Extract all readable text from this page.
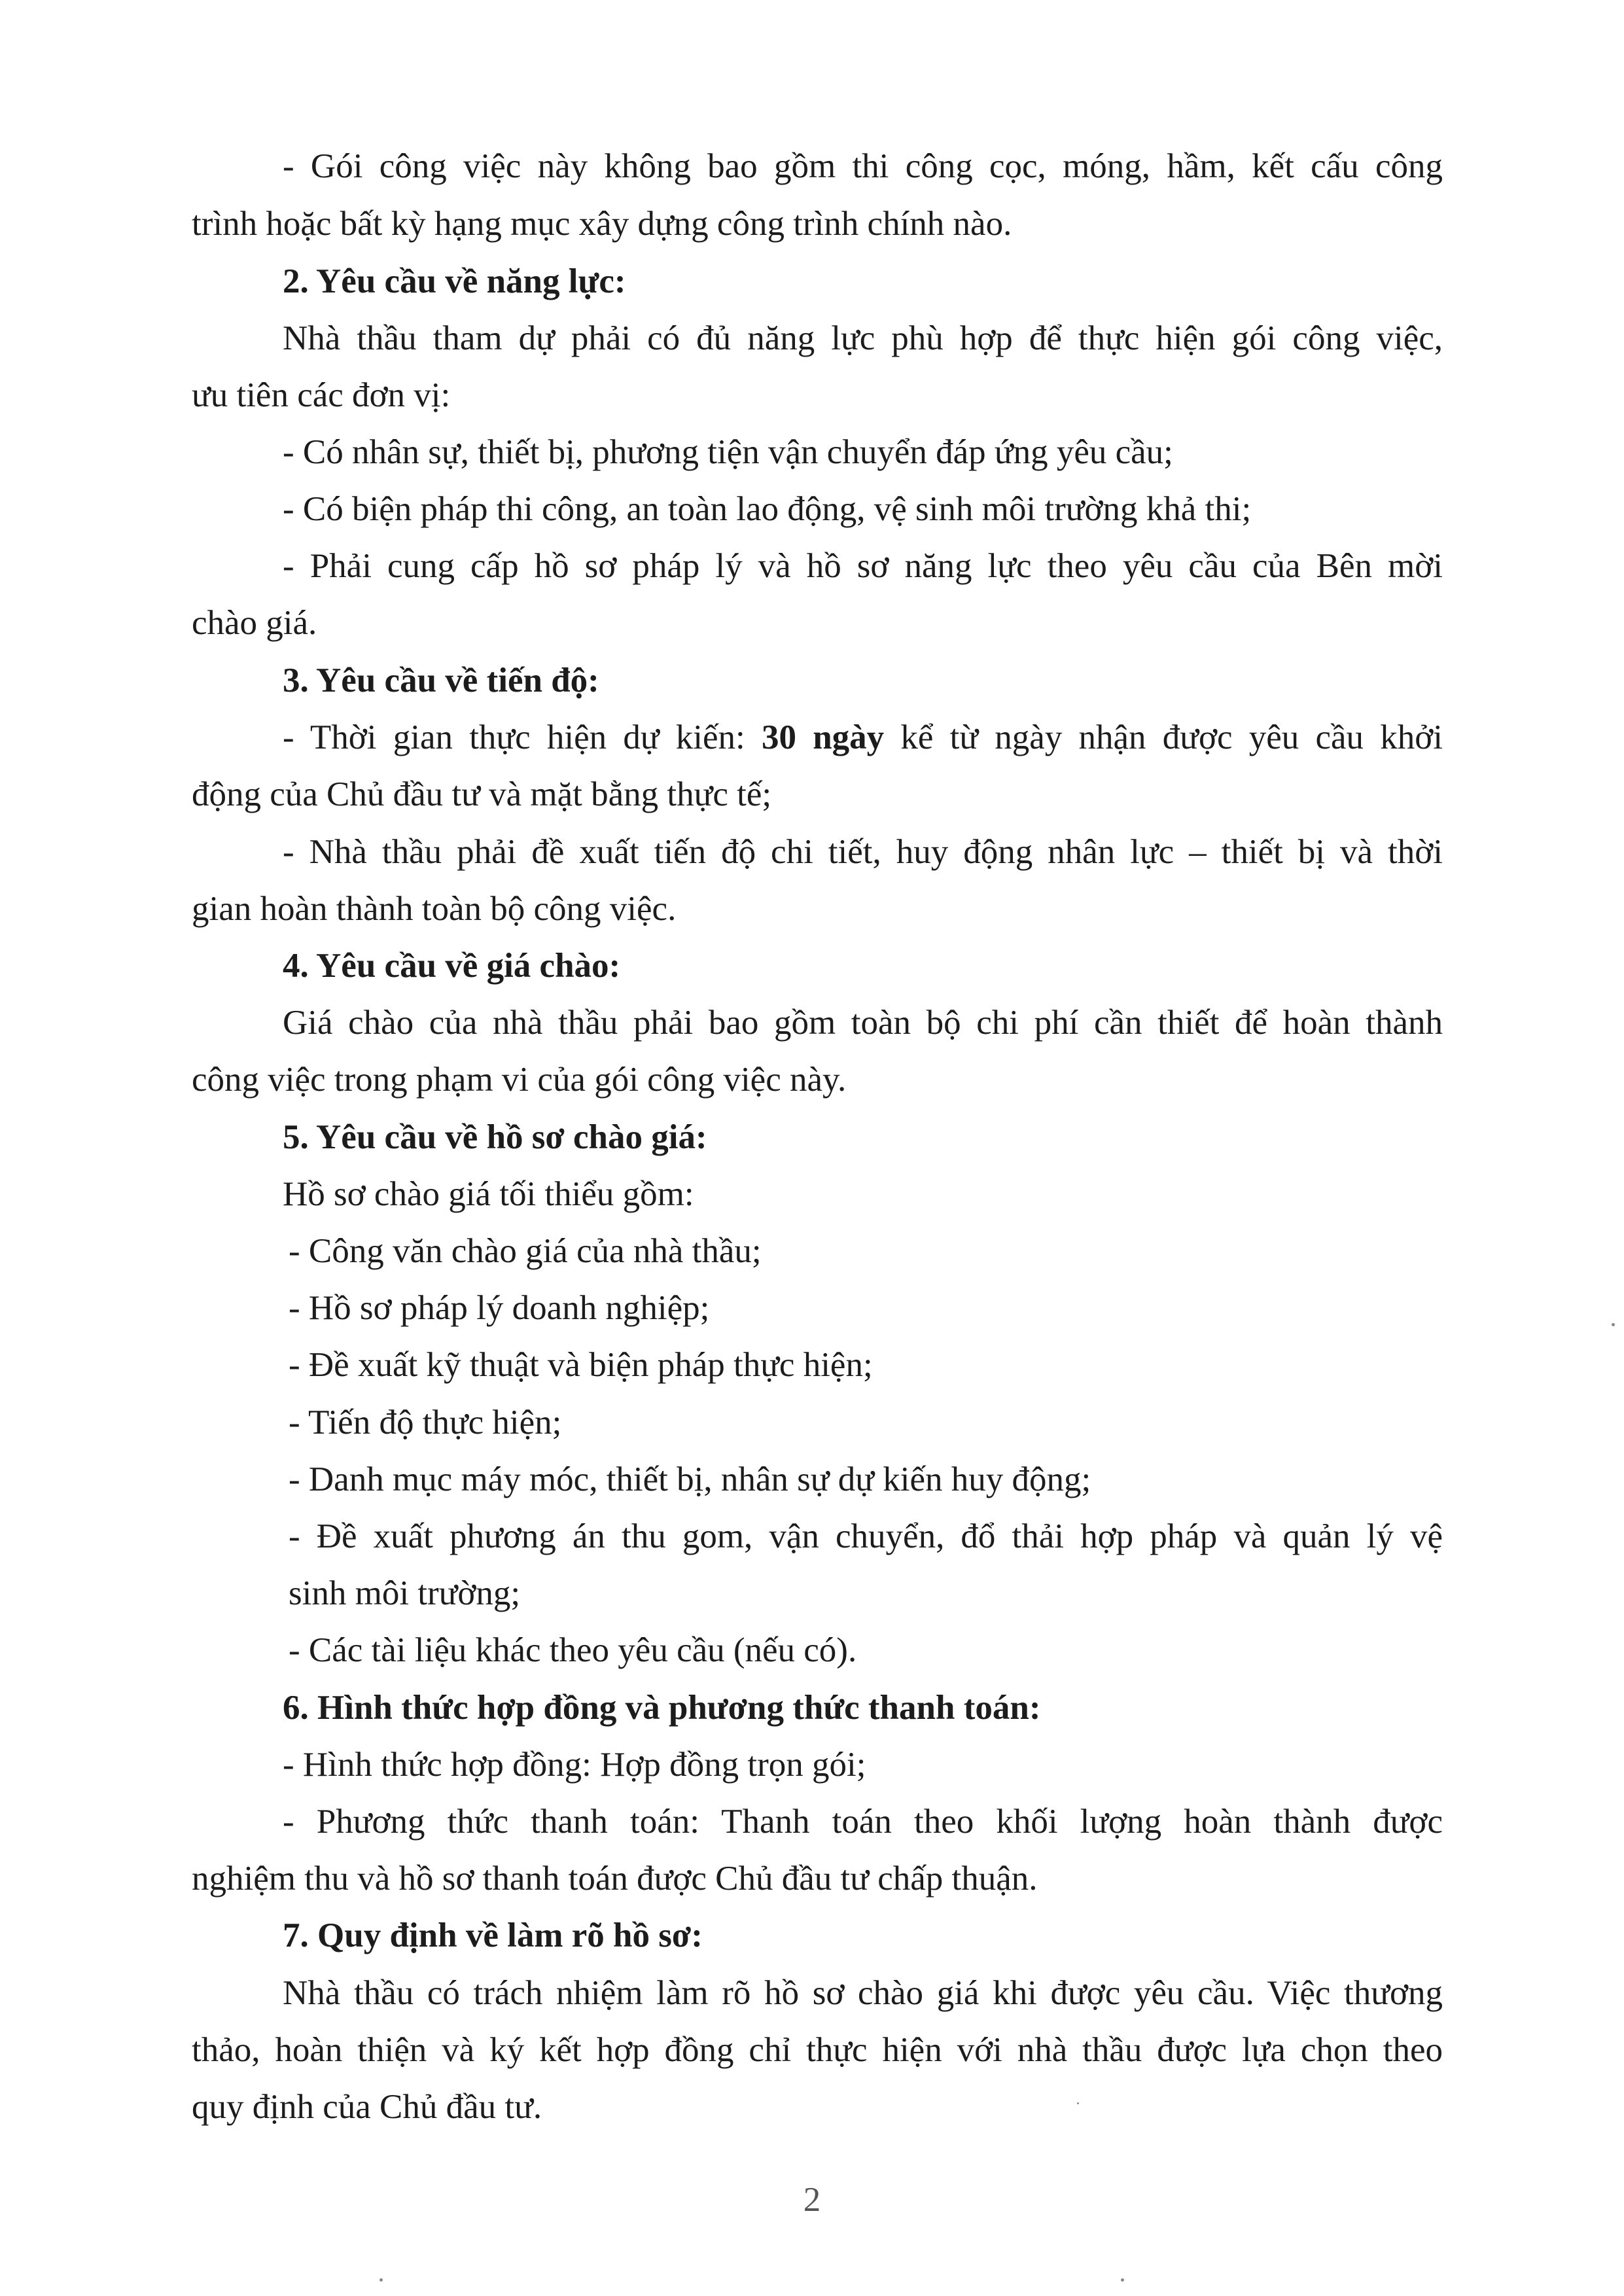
- Gói công việc này không bao gồm thi công cọc, móng, hầm, kết cấu công
trình hoặc bất kỳ hạng mục xây dựng công trình chính nào.
2. Yêu cầu về năng lực:
Nhà thầu tham dự phải có đủ năng lực phù hợp để thực hiện gói công việc,
ưu tiên các đơn vị:
- Có nhân sự, thiết bị, phương tiện vận chuyển đáp ứng yêu cầu;
- Có biện pháp thi công, an toàn lao động, vệ sinh môi trường khả thi;
- Phải cung cấp hồ sơ pháp lý và hồ sơ năng lực theo yêu cầu của Bên mời
chào giá.
3. Yêu cầu về tiến độ:
- Thời gian thực hiện dự kiến: 30 ngày kể từ ngày nhận được yêu cầu khởi
động của Chủ đầu tư và mặt bằng thực tế;
- Nhà thầu phải đề xuất tiến độ chi tiết, huy động nhân lực – thiết bị và thời
gian hoàn thành toàn bộ công việc.
4. Yêu cầu về giá chào:
Giá chào của nhà thầu phải bao gồm toàn bộ chi phí cần thiết để hoàn thành
công việc trong phạm vi của gói công việc này.
5. Yêu cầu về hồ sơ chào giá:
Hồ sơ chào giá tối thiểu gồm:
- Công văn chào giá của nhà thầu;
- Hồ sơ pháp lý doanh nghiệp;
- Đề xuất kỹ thuật và biện pháp thực hiện;
- Tiến độ thực hiện;
- Danh mục máy móc, thiết bị, nhân sự dự kiến huy động;
- Đề xuất phương án thu gom, vận chuyển, đổ thải hợp pháp và quản lý vệ
sinh môi trường;
- Các tài liệu khác theo yêu cầu (nếu có).
6. Hình thức hợp đồng và phương thức thanh toán:
- Hình thức hợp đồng: Hợp đồng trọn gói;
- Phương thức thanh toán: Thanh toán theo khối lượng hoàn thành được
nghiệm thu và hồ sơ thanh toán được Chủ đầu tư chấp thuận.
7. Quy định về làm rõ hồ sơ:
Nhà thầu có trách nhiệm làm rõ hồ sơ chào giá khi được yêu cầu. Việc thương
thảo, hoàn thiện và ký kết hợp đồng chỉ thực hiện với nhà thầu được lựa chọn theo
quy định của Chủ đầu tư.
2
